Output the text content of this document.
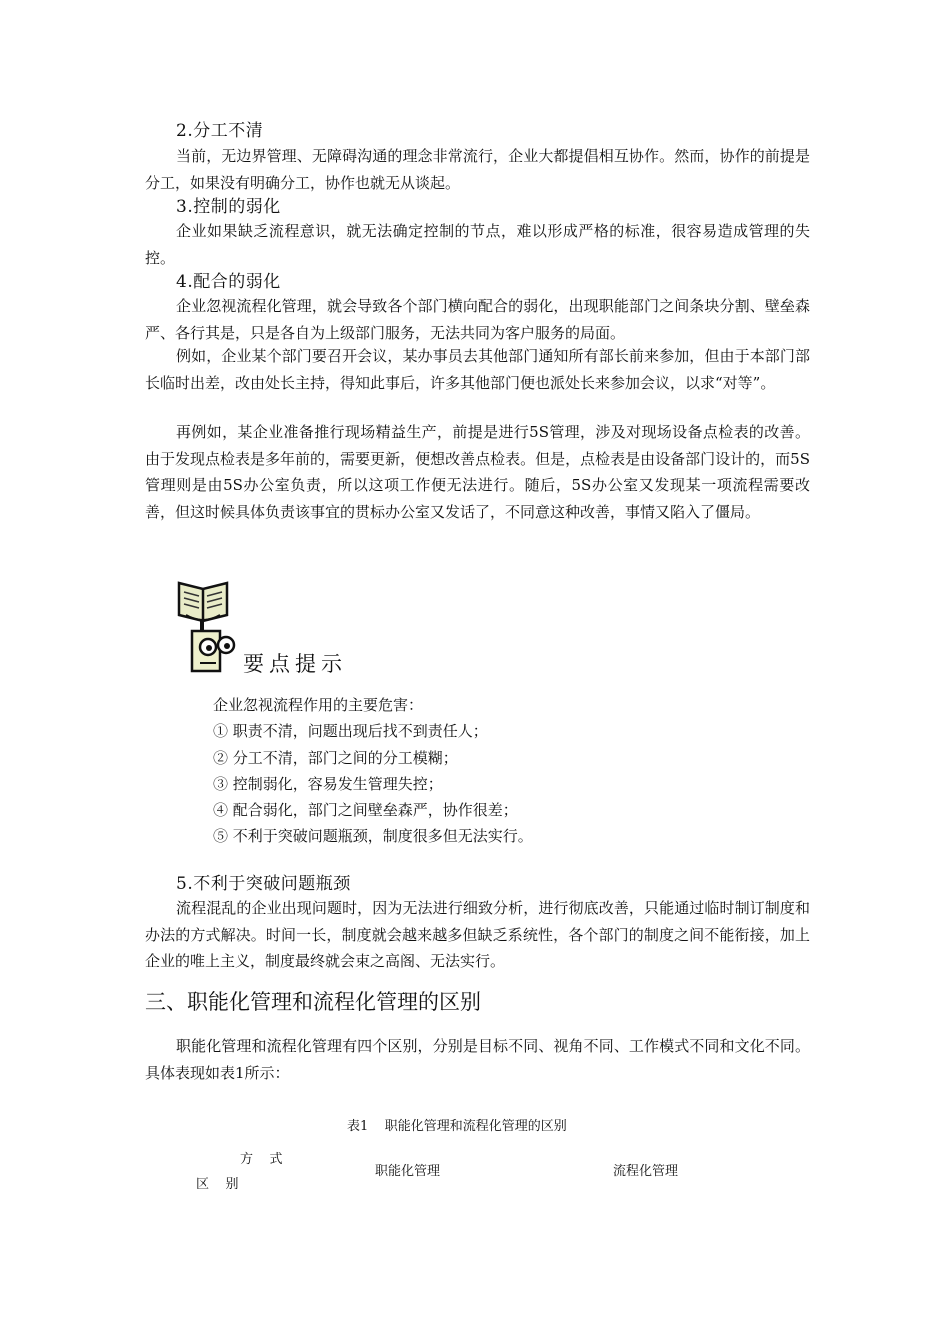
2.分工不清

当前，无边界管理、无障碍沟通的理念非常流行，企业大都提倡相互协作。然而，协作的前提是分工，如果没有明确分工，协作也就无从谈起。

3.控制的弱化

企业如果缺乏流程意识，就无法确定控制的节点，难以形成严格的标准，很容易造成管理的失控。

4.配合的弱化

企业忽视流程化管理，就会导致各个部门横向配合的弱化，出现职能部门之间条块分割、壁垒森严、各行其是，只是各自为上级部门服务，无法共同为客户服务的局面。

例如，企业某个部门要召开会议，某办事员去其他部门通知所有部长前来参加，但由于本部门部长临时出差，改由处长主持，得知此事后，许多其他部门便也派处长来参加会议，以求“对等”。

再例如，某企业准备推行现场精益生产，前提是进行5S管理，涉及对现场设备点检表的改善。由于发现点检表是多年前的，需要更新，便想改善点检表。但是，点检表是由设备部门设计的，而5S管理则是由5S办公室负责，所以这项工作便无法进行。随后，5S办公室又发现某一项流程需要改善，但这时候具体负责该事宜的贯标办公室又发话了，不同意这种改善，事情又陷入了僵局。

要点提示
企业忽视流程作用的主要危害：
① 职责不清，问题出现后找不到责任人；
② 分工不清，部门之间的分工模糊；
③ 控制弱化，容易发生管理失控；
④ 配合弱化，部门之间壁垒森严，协作很差；
⑤ 不利于突破问题瓶颈，制度很多但无法实行。
5.不利于突破问题瓶颈

流程混乱的企业出现问题时，因为无法进行细致分析，进行彻底改善，只能通过临时制订制度和办法的方式解决。时间一长，制度就会越来越多但缺乏系统性，各个部门的制度之间不能衔接，加上企业的唯上主义，制度最终就会束之高阁、无法实行。

三、职能化管理和流程化管理的区别

职能化管理和流程化管理有四个区别，分别是目标不同、视角不同、工作模式不同和文化不同。具体表现如表1所示：

表1    职能化管理和流程化管理的区别
方    式
区    别
职能化管理	流程化管理
